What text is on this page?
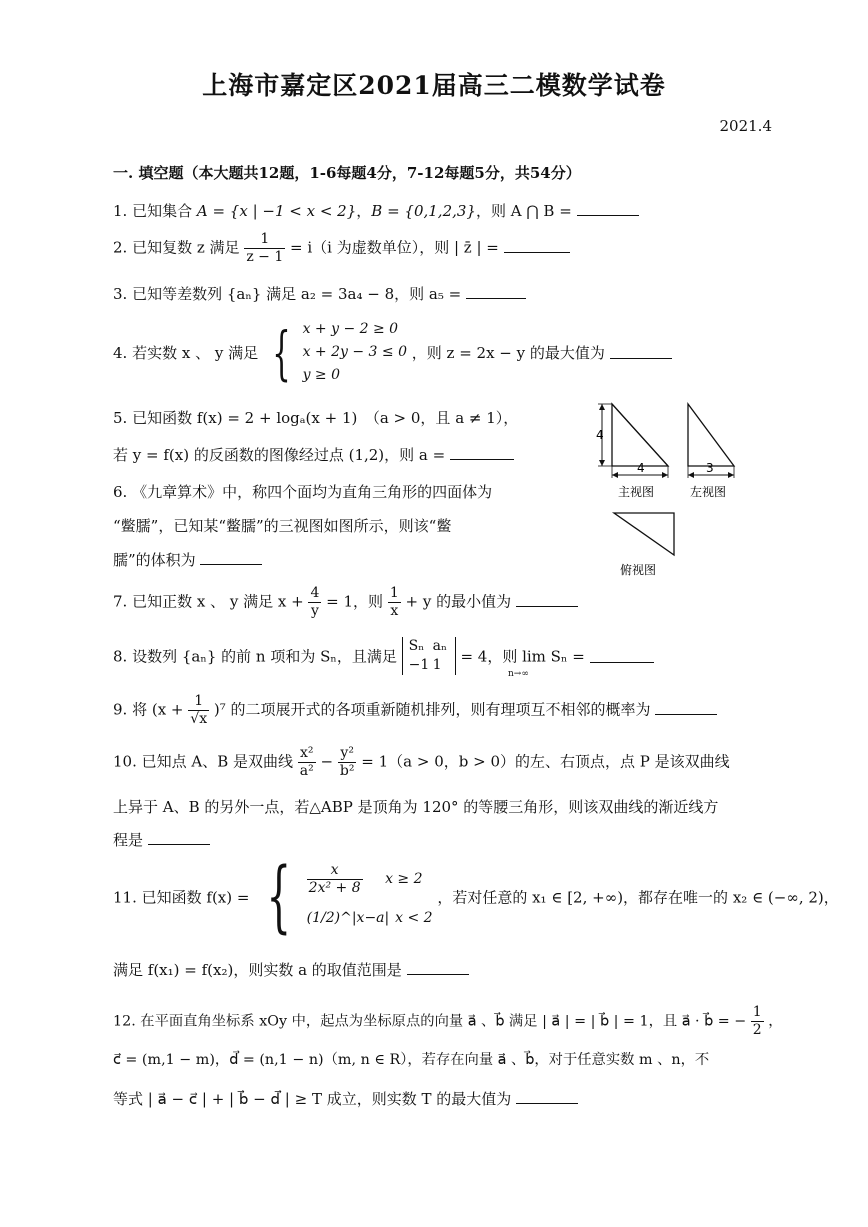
上海市嘉定区2021届高三二模数学试卷
2021.4
一. 填空题（本大题共12题，1-6每题4分，7-12每题5分，共54分）
1. 已知集合 A = {x | −1 < x < 2}，B = {0,1,2,3}，则 A ⋂ B =
2. 已知复数 z 满足 $\frac{1}{z - 1} = i(i$ 为虚数单位），则 | z̄ | =
3. 已知等差数列 {aₙ} 满足 a₂ = 3a₄ − 8，则 a₅ =
4. 若实数 x 、 y 满足 { x + y − 2 ≥ 0
x + 2y − 3 ≤ 0
y ≥ 0
，则 z = 2x − y 的最大值为
5. 已知函数 f(x) = 2 + logₐ(x + 1)　（a > 0，且 a ≠ 1），
若 y = f(x) 的反函数的图像经过点 (1,2)，则 a =
6. 《九章算术》中，称四个面均为直角三角形的四面体为
“鳖臑”，已知某“鳖臑”的三视图如图所示，则该“鳖
臑”的体积为
4
4
主视图
3
左视图
俯视图
7. 已知正数 x 、 y 满足 $x + \frac{4}{y} = 1$，则 $\frac{1}{x} + y$ 的最小值为
8. 设数列 {aₙ} 的前 n 项和为 Sₙ，且满足 Sₙ aₙ
−1 1 = 4，则 lim Sₙ =
n→∞
9. 将 $(x + \frac{1}{√x} )^7$ 的二项展开式的各项重新随机排列，则有理项互不相邻的概率为
10. 已知点 A、B 是双曲线 $\frac{\text{x²}}{\text{a²}} - \frac{\text{y²}}{\text{b²}} = 1(a > 0$，b > 0）的左、右顶点，点 P 是该双曲线
上异于 A、B 的另外一点，若△ABP 是顶角为 120° 的等腰三角形，则该双曲线的渐近线方
程是
11. 已知函数 f(x) = { $\frac{x}{\text{2x² + 8}}$ x ≥ 2
(1/2)^|x−a| x < 2
，若对任意的 x₁ ∈ [2, +∞)，都存在唯一的 x₂ ∈ (−∞, 2)，
满足 f(x₁) = f(x₂)，则实数 a 的取值范围是
12. 在平面直角坐标系 xOy 中，起点为坐标原点的向量 a⃗ 、b⃗ 满足 | a⃗ | = | b⃗ | = 1，且 a⃗ · b⃗ = − $\frac{1}{2}$ ，
c⃗ = (m,1 − m)，d⃗ = (n,1 − n)（m, n ∈ R），若存在向量 a⃗ 、b⃗，对于任意实数 m 、n，不
等式 | a⃗ − c⃗ | + | b⃗ − d⃗ | ≥ T 成立，则实数 T 的最大值为
